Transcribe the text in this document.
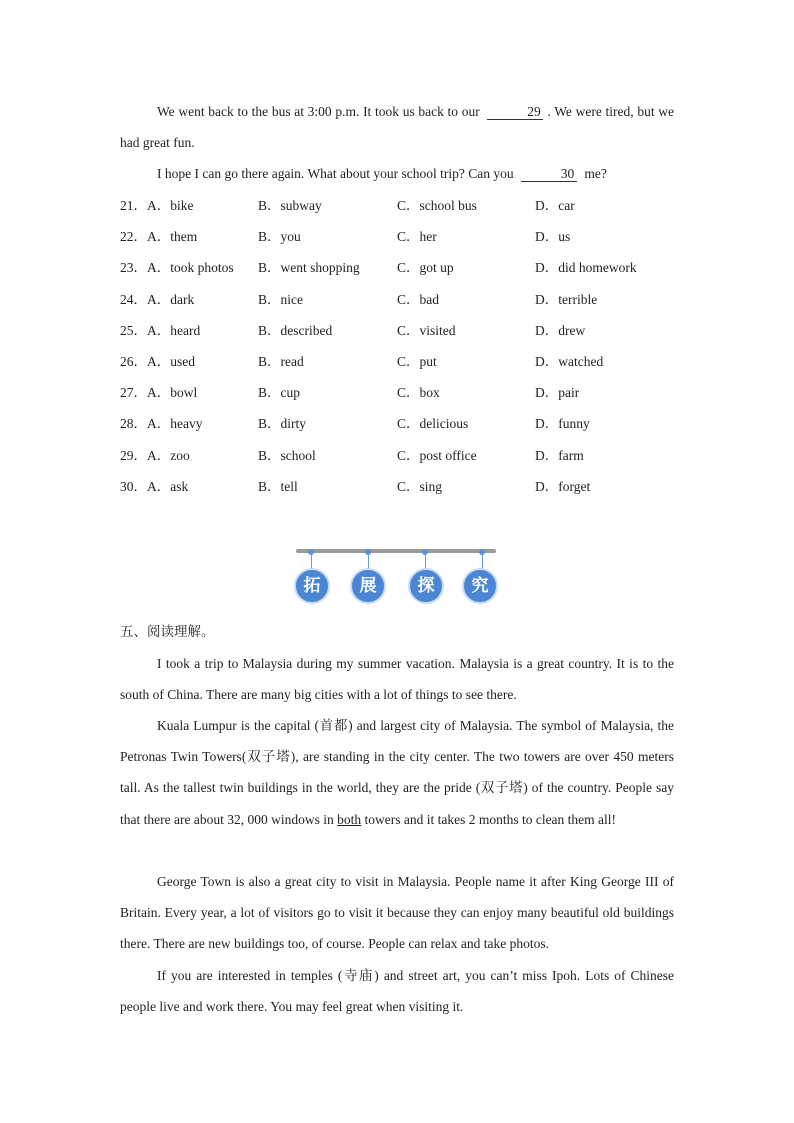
We went back to the bus at 3:00 p.m. It took us back to our	29 . We were tired, but we had great fun.
I hope I can go there again. What about your school trip? Can you	30 me?
21．A．bike	B．subway	C．school bus	D．car
22．A．them	B．you	C．her	D．us
23．A．took photos B．went shopping	C．got up	D．did homework
24．A．dark	B．nice	C．bad	D．terrible
25．A．heard	B．described	C．visited	D．drew
26．A．used	B．read	C．put	D．watched
27．A．bowl	B．cup	C．box	D．pair
28．A．heavy	B．dirty	C．delicious	D．funny
29．A．zoo	B．school	C．post office	D．farm
30．A．ask	B．tell	C．sing	D．forget
拓	展	探	究
五、阅读理解。
I took a trip to Malaysia during my summer vacation. Malaysia is a great country. It is to the south of China. There are many big cities with a lot of things to see there.
Kuala Lumpur is the capital (首都) and largest city of Malaysia. The symbol of Malaysia, the Petronas Twin Towers(双子塔), are standing in the city center. The two towers are over 450 meters tall. As the tallest twin buildings in the world, they are the pride (双子塔) of the country. People say that there are about 32, 000 windows in both towers and it takes 2 months to clean them all!
George Town is also a great city to visit in Malaysia. People name it after King George III of Britain. Every year, a lot of visitors go to visit it because they can enjoy many beautiful old buildings there. There are new buildings too, of course. People can relax and take photos.
If you are interested in temples (寺庙) and street art, you can’t miss Ipoh. Lots of Chinese people live and work there. You may feel great when visiting it.
